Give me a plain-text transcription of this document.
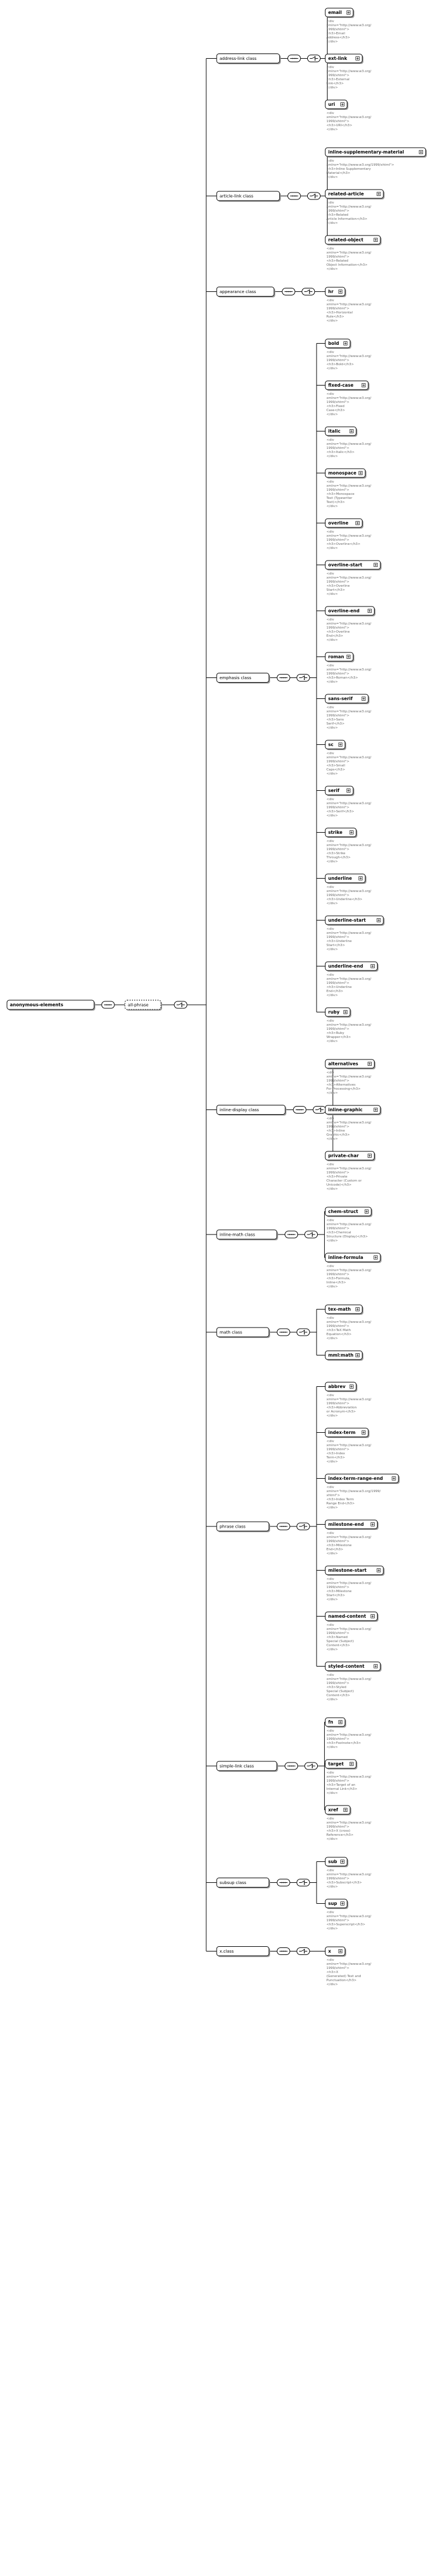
address-link class
email
<div
xmlns="http://www.w3.org/
1999/xhtml">
<h3>Email
Address</h3>
</div>
ext-link
<div
xmlns="http://www.w3.org/
1999/xhtml">
<h3>External
Link</h3>
</div>
uri
<div
xmlns="http://www.w3.org/
1999/xhtml">
<h3>URI</h3>
</div>
article-link class
inline-supplementary-material
<div
xmlns="http://www.w3.org/1999/xhtml">
<h3>Inline Supplementary
Material</h3>
</div>
related-article
<div
xmlns="http://www.w3.org/
1999/xhtml">
<h3>Related
Article Information</h3>
</div>
related-object
<div
xmlns="http://www.w3.org/
1999/xhtml">
<h3>Related
Object Information</h3>
</div>
appearance class	hr
<div
xmlns="http://www.w3.org/
1999/xhtml">
<h3>Horizontal
Rule</h3>
</div>
emphasis class
bold
<div
xmlns="http://www.w3.org/
1999/xhtml">
<h3>Bold</h3>
</div>
fixed-case
<div
xmlns="http://www.w3.org/
1999/xhtml">
<h3>Fixed
Case</h3>
</div>
italic
<div
xmlns="http://www.w3.org/
1999/xhtml">
<h3>Italic</h3>
</div>
monospace
<div
xmlns="http://www.w3.org/
1999/xhtml">
<h3>Monospace
Text (Typewriter
Text)</h3>
</div>
overline
<div
xmlns="http://www.w3.org/
1999/xhtml">
<h3>Overline</h3>
</div>
overline-start
<div
xmlns="http://www.w3.org/
1999/xhtml">
<h3>Overline
Start</h3>
</div>
overline-end
<div
xmlns="http://www.w3.org/
1999/xhtml">
<h3>Overline
End</h3>
</div>
roman
<div
xmlns="http://www.w3.org/
1999/xhtml">
<h3>Roman</h3>
</div>
sans-serif
<div
xmlns="http://www.w3.org/
1999/xhtml">
<h3>Sans
Serif</h3>
</div>
sc
<div
xmlns="http://www.w3.org/
1999/xhtml">
<h3>Small
Caps</h3>
</div>
serif
<div
xmlns="http://www.w3.org/
1999/xhtml">
<h3>Serif</h3>
</div>
strike
<div
xmlns="http://www.w3.org/
1999/xhtml">
<h3>Strike
Through</h3>
</div>
underline
<div
xmlns="http://www.w3.org/
1999/xhtml">
<h3>Underline</h3>
</div>
underline-start
<div
xmlns="http://www.w3.org/
1999/xhtml">
<h3>Underline
Start</h3>
</div>
underline-end
<div
xmlns="http://www.w3.org/
1999/xhtml">
<h3>Underline
End</h3>
</div>
ruby
<div
xmlns="http://www.w3.org/
1999/xhtml">
<h3>Ruby
Wrapper</h3>
</div>
inline-display class
alternatives
<div
xmlns="http://www.w3.org/
1999/xhtml">
<h3>Alternatives
For Processing</h3>
</div>
inline-graphic
<div
xmlns="http://www.w3.org/
1999/xhtml">
<h3>Inline
Graphic</h3>
</div>
private-char
<div
xmlns="http://www.w3.org/
1999/xhtml">
<h3>Private
Character (Custom or
Unicode)</h3>
</div>
inline-math class
chem-struct
<div
xmlns="http://www.w3.org/
1999/xhtml">
<h3>Chemical
Structure (Display)</h3>
</div>
inline-formula
<div
xmlns="http://www.w3.org/
1999/xhtml">
<h3>Formula,
Inline</h3>
</div>
math class
tex-math
<div
xmlns="http://www.w3.org/
1999/xhtml">
<h3>TeX Math
Equation</h3>
</div>
mml:math
phrase class
abbrev
<div
xmlns="http://www.w3.org/
1999/xhtml">
<h3>Abbreviation
or Acronym</h3>
</div>
index-term
<div
xmlns="http://www.w3.org/
1999/xhtml">
<h3>Index
Term</h3>
</div>
index-term-range-end
<div
xmlns="http://www.w3.org/1999/
xhtml">
<h3>Index Term
Range End</h3>
</div>
milestone-end
<div
xmlns="http://www.w3.org/
1999/xhtml">
<h3>Milestone
End</h3>
</div>
milestone-start
<div
xmlns="http://www.w3.org/
1999/xhtml">
<h3>Milestone
Start</h3>
</div>
named-content
<div
xmlns="http://www.w3.org/
1999/xhtml">
<h3>Named
Special (Subject)
Content</h3>
</div>
styled-content
<div
xmlns="http://www.w3.org/
1999/xhtml">
<h3>Styled
Special (Subject)
Content</h3>
</div>
simple-link class
fn
<div
xmlns="http://www.w3.org/
1999/xhtml">
<h3>Footnote</h3>
</div>
target
<div
xmlns="http://www.w3.org/
1999/xhtml">
<h3>Target of an
Internal Link</h3>
</div>
xref
<div
xmlns="http://www.w3.org/
1999/xhtml">
<h3>X (cross)
Reference</h3>
</div>
subsup class
sub
<div
xmlns="http://www.w3.org/
1999/xhtml">
<h3>Subscript</h3>
</div>
sup
<div
xmlns="http://www.w3.org/
1999/xhtml">
<h3>Superscript</h3>
</div>
x.class	x
<div
xmlns="http://www.w3.org/
1999/xhtml">
<h3>X
(Generated) Text and
Punctuation</h3>
</div>
anonymous-elements	all-phrase
